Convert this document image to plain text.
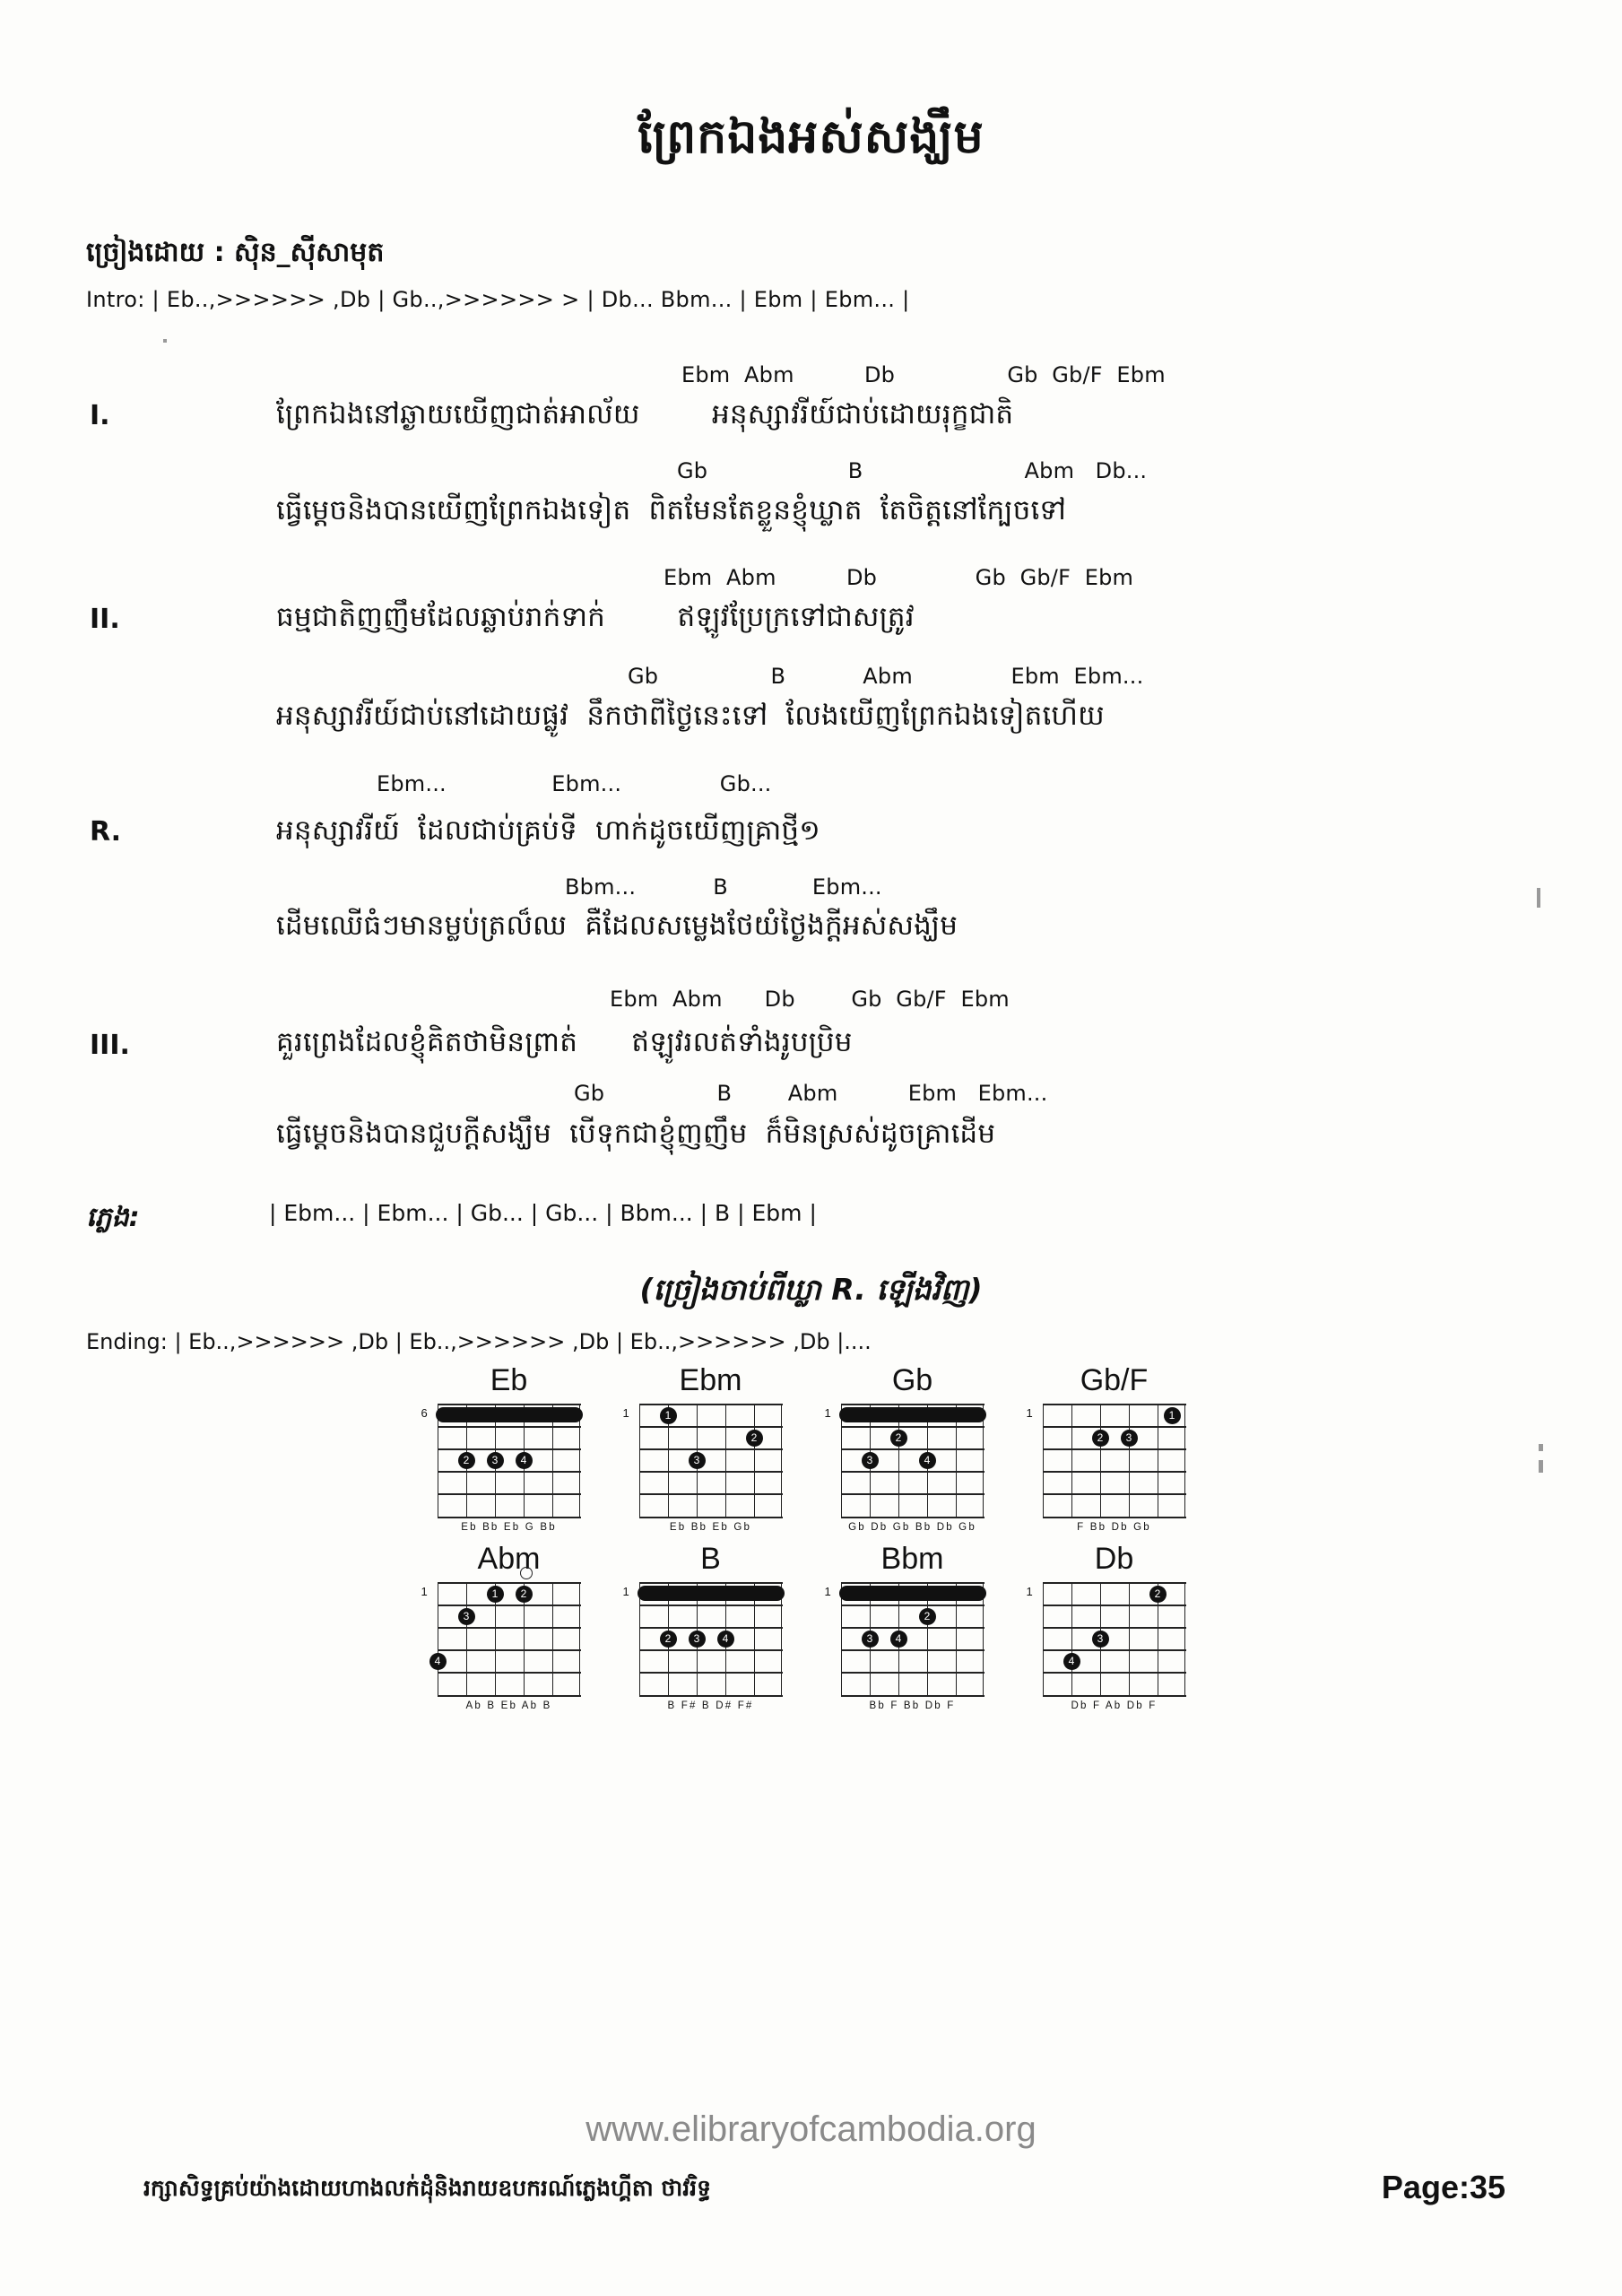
ព្រែកឯងអស់សង្ឃឹម
ច្រៀងដោយ : សុិន_សុីសាមុត
Intro: | Eb..,>>>>>> ,Db | Gb..,>>>>>> > | Db... Bbm... | Ebm | Ebm... |
I.
Ebm  Abm          Db                Gb  Gb/F  Ebm
ព្រែកឯងនៅឆ្ងាយយើញជាត់អាល័យ        អនុស្សាវរីយ៍ជាប់ដោយរុក្ខជាតិ
Gb                    B                       Abm   Db...
ធ្វើម្ដេចនិងបានយើញព្រែកឯងទៀត  ពិតមែនតែខ្លួនខ្ញុំឃ្លាត  តែចិត្តនៅក្បែចទៅ
II.
Ebm  Abm          Db              Gb  Gb/F  Ebm
ធម្មជាតិញញឹមដែលឆ្លាប់រាក់ទាក់        ឥឡូវប្រែក្រទៅជាសត្រូវ
Gb                B           Abm              Ebm  Ebm...
អនុស្សាវរីយ៍ជាប់នៅដោយផ្លូវ  នឹកថាពីថ្ងៃនេះទៅ  លែងយើញព្រែកឯងទៀតហើយ
R.
Ebm...               Ebm...              Gb...
អនុស្សាវរីយ៍  ដែលជាប់គ្រប់ទី  ហាក់ដូចយើញគ្រាថ្មី១
Bbm...           B            Ebm...
ដើមឈើធំៗមានម្លប់ត្រល៏ឈ  គឺដែលសម្លេងថែយំថ្ងៃងក្តីអស់សង្ឃឹម
III.
Ebm  Abm      Db        Gb  Gb/F  Ebm
គួរព្រេងដែលខ្ញុំគិតថាមិនព្រាត់      ឥឡូវរលត់ទាំងរូបប្រិម
Gb                B        Abm          Ebm   Ebm...
ធ្វើម្ដេចនិងបានជួបក្ដីសង្ឃឹម  បើទុកជាខ្ញុំញញឹម  ក៏មិនស្រស់ដូចគ្រាដើម
ភ្លេង:	| Ebm... | Ebm... | Gb... | Gb... | Bbm... | B | Ebm |
(ច្រៀងចាប់ពីឃ្លា R. ឡើងវិញ)
Ending: | Eb..,>>>>>> ,Db | Eb..,>>>>>> ,Db | Eb..,>>>>>> ,Db |....
Eb
6
2	3	4
Eb Bb Eb G Bb
Ebm
1	1
2
3
Eb Bb Eb Gb
Gb
1
2
3	4
Gb Db Gb Bb Db Gb
Gb/F
1
2	3
1
F Bb Db Gb
Abm
1	1	2
3
4
Ab B Eb Ab B
B
1
2	3	4
B F# B D# F#
Bbm
1
2
3	4
Bb F Bb Db F
Db
1	2
3
4
Db F Ab Db F
www.elibraryofcambodia.org
រក្សាសិទ្ធគ្រប់យ៉ាងដោយហាងលក់ដុំនិងរាយឧបករណ៍ភ្លេងហ្គីតា ថាវរិទ្ធ	Page:35
